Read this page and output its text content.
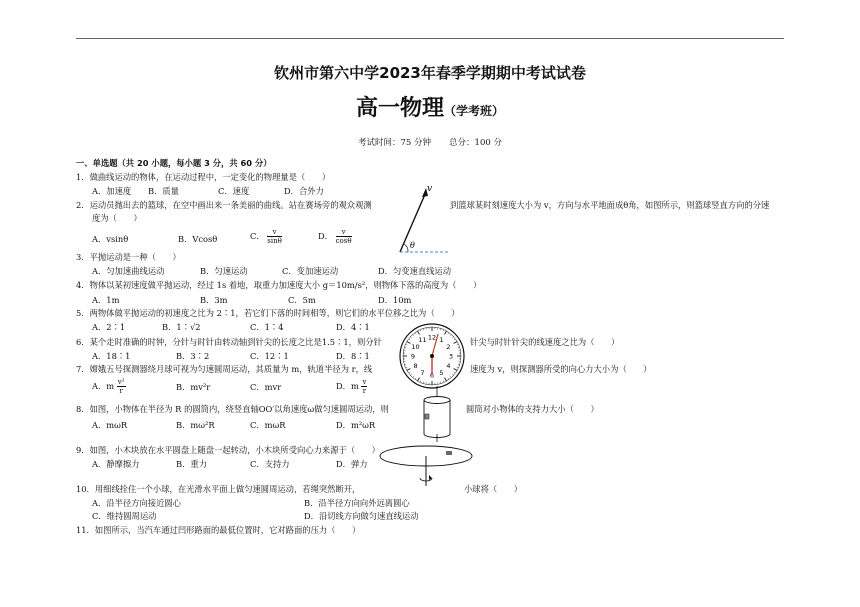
钦州市第六中学2023年春季学期期中考试试卷
高一物理（学考班）
考试时间：75 分钟 总分：100 分
一、单选题（共 20 小题，每小题 3 分，共 60 分）
1．做曲线运动的物体，在运动过程中，一定变化的物理量是（　　）
A．加速度 B．质量	C．速度	D．合外力
2．运动员抛出去的篮球，在空中画出来一条美丽的曲线。站在赛场旁的观众观测	到篮球某时刻速度大小为 v，方向与水平地面成θ角，如图所示，则篮球竖直方向的分速
度为（　　）
A．vsinθ	B．Vcosθ	C． $\frac{v}{\sin\theta}$	D． $\frac{v}{\cos\theta}$
v
θ
3．平抛运动是一种（　　）
A．匀加速曲线运动	B．匀速运动	C．变加速运动	D．匀变速直线运动
4．物体以某初速度做平抛运动，经过 1s 着地，取重力加速度大小 g＝10m/s²，则物体下落的高度为（　　）
A．1m	B．3m	C．5m	D．10m
5．两物体做平抛运动的初速度之比为 2∶1，若它们下落的时间相等，则它们的水平位移之比为（　　）
A．2∶1	B．1∶√2	C．1∶4	D．4∶1
6．某个走时准确的时钟，分针与时针由转动轴到针尖的长度之比是1.5∶1，则分针	针尖与时针针尖的线速度之比为（　　）
A．18∶1	B．3∶2	C．12∶1	D．8∶1
12 1
2
3
4
5
6
7
8
9
10
11
7．嫦娥五号探测器绕月球可视为匀速圆周运动，其质量为 m，轨道半径为 r，线	速度为 v，则探测器所受的向心力大小为（　　）
A．m $\frac{\text{v²}}{r}$	B．mv²r	C．mvr	D．m $\frac{v}{r}$
8．如图，小物体在半径为 R 的圆筒内，绕竖直轴OO′以角速度ω做匀速圆周运动，则	圆筒对小物体的支持力大小（　　）
A．mωR	B．mω²R	C．mωR	D．m²ωR
9．如图，小木块放在水平圆盘上随盘一起转动，小木块所受向心力来源于（　　）
A．静摩擦力	B．重力	C．支持力	D．弹力
10．用细线拴住一个小球，在光滑水平面上做匀速圆周运动，若绳突然断开，	小球将（　　）
A．沿半径方向接近圆心	B．沿半径方向向外远离圆心
C．维持圆周运动	D．沿切线方向做匀速直线运动
11．如图所示，当汽车通过凹形路面的最低位置时，它对路面的压力（　　）
